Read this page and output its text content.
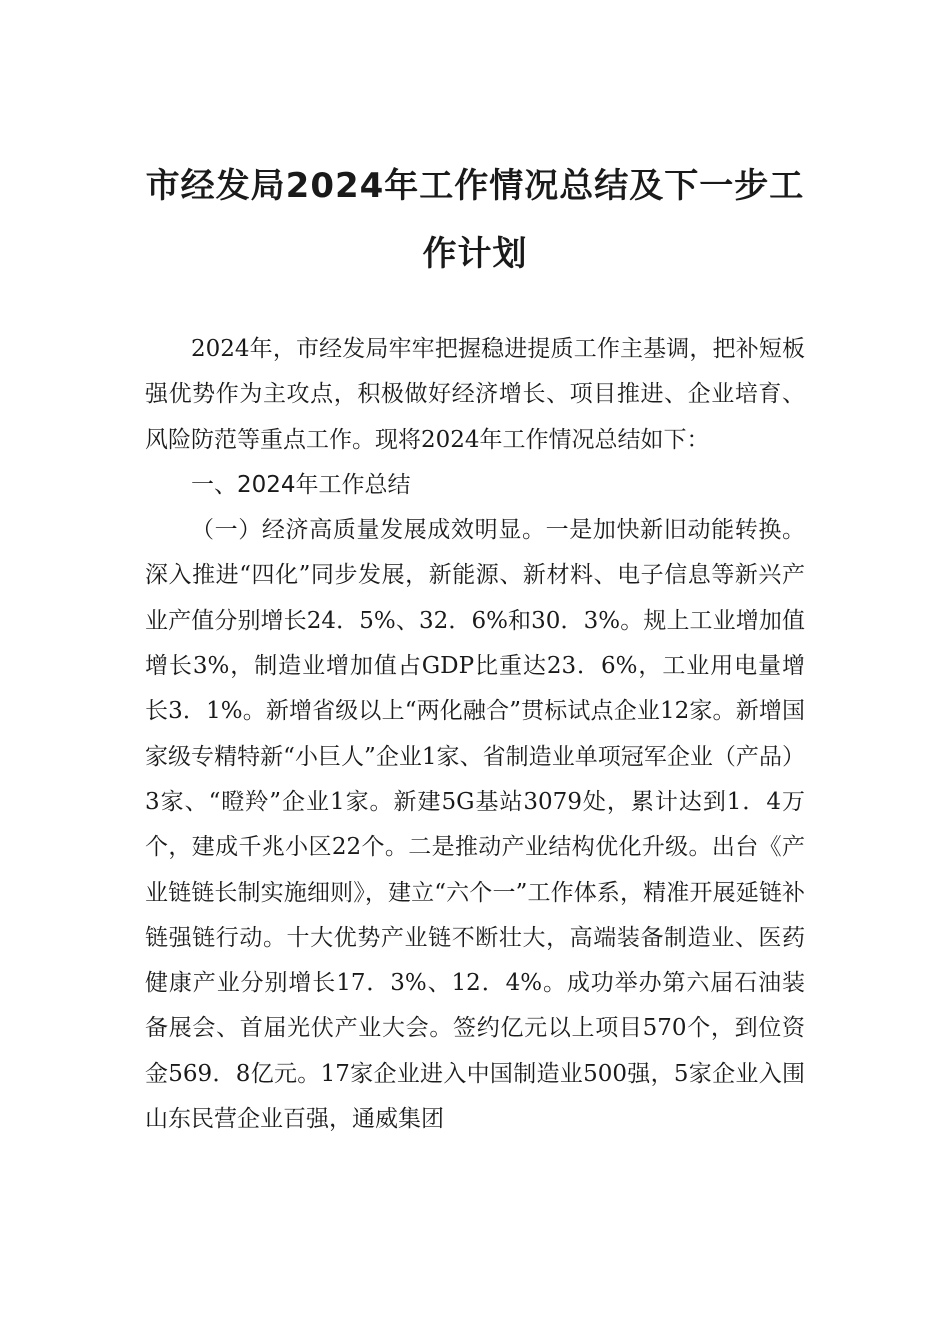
市经发局2024年工作情况总结及下一步工作计划

2024年，市经发局牢牢把握稳进提质工作主基调，把补短板强优势作为主攻点，积极做好经济增长、项目推进、企业培育、风险防范等重点工作。现将2024年工作情况总结如下：

一、2024年工作总结

（一）经济高质量发展成效明显。一是加快新旧动能转换。深入推进“四化”同步发展，新能源、新材料、电子信息等新兴产业产值分别增长24．5%、32．6%和30．3%。规上工业增加值增长3%，制造业增加值占GDP比重达23．6%，工业用电量增长3．1%。新增省级以上“两化融合”贯标试点企业12家。新增国家级专精特新“小巨人”企业1家、省制造业单项冠军企业（产品）3家、“瞪羚”企业1家。新建5G基站3079处，累计达到1．4万个，建成千兆小区22个。二是推动产业结构优化升级。出台《产业链链长制实施细则》，建立“六个一”工作体系，精准开展延链补链强链行动。十大优势产业链不断壮大，高端装备制造业、医药健康产业分别增长17．3%、12．4%。成功举办第六届石油装备展会、首届光伏产业大会。签约亿元以上项目570个，到位资金569．8亿元。17家企业进入中国制造业500强，5家企业入围山东民营企业百强，通威集团
